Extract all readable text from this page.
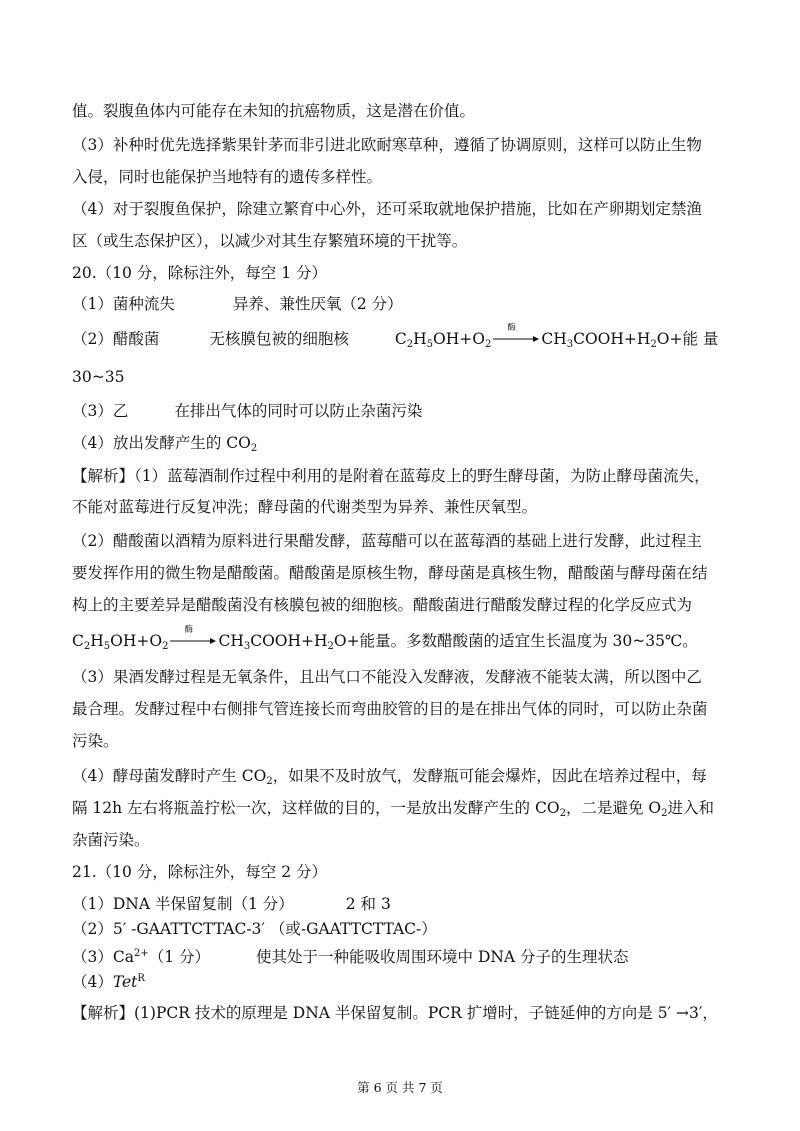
值。裂腹鱼体内可能存在未知的抗癌物质，这是潜在价值。
（3）补种时优先选择紫果针茅而非引进北欧耐寒草种，遵循了协调原则，这样可以防止生物
入侵，同时也能保护当地特有的遗传多样性。
（4）对于裂腹鱼保护，除建立繁育中心外，还可采取就地保护措施，比如在产卵期划定禁渔
区（或生态保护区），以减少对其生存繁殖环境的干扰等。
20.（10 分，除标注外，每空 1 分）
（1）菌种流失	异养、兼性厌氧（2 分）
（2）醋酸菌	无核膜包被的细胞核	$C_2H_5OH+O_2$
酶
$CH_3COOH+H_2O+$能 量
30~35
（3）乙	在排出气体的同时可以防止杂菌污染
（4）放出发酵产生的 $CO_2$
【解析】（1）蓝莓酒制作过程中利用的是附着在蓝莓皮上的野生酵母菌，为防止酵母菌流失，
不能对蓝莓进行反复冲洗；酵母菌的代谢类型为异养、兼性厌氧型。
（2）醋酸菌以酒精为原料进行果醋发酵，蓝莓醋可以在蓝莓酒的基础上进行发酵，此过程主
要发挥作用的微生物是醋酸菌。醋酸菌是原核生物，酵母菌是真核生物，醋酸菌与酵母菌在结
构上的主要差异是醋酸菌没有核膜包被的细胞核。醋酸菌进行醋酸发酵过程的化学反应式为
$C_2H_5OH+O_2$
酶
$CH_3COOH+H_2O+$能量。多数醋酸菌的适宜生长温度为 30~35℃。
（3）果酒发酵过程是无氧条件，且出气口不能没入发酵液，发酵液不能装太满，所以图中乙
最合理。发酵过程中右侧排气管连接长而弯曲胶管的目的是在排出气体的同时，可以防止杂菌
污染。
（4）酵母菌发酵时产生 $CO_2$，如果不及时放气，发酵瓶可能会爆炸，因此在培养过程中，每
隔 12h 左右将瓶盖拧松一次，这样做的目的，一是放出发酵产生的 $CO_2$，二是避免 $O_2$进入和
杂菌污染。
21.（10 分，除标注外，每空 2 分）
（1）DNA 半保留复制（1 分）	2 和 3
（2）5′ -GAATTCTTAC-3′ （或-GAATTCTTAC-）
$(3)Ca^{2+}(1$ 分）	使其处于一种能吸收周围环境中 DNA 分子的生理状态
（4）Tet$^R$
【解析】(1)PCR 技术的原理是 DNA 半保留复制。PCR 扩增时，子链延伸的方向是 5′ →3′，
第 6 页 共 7 页
